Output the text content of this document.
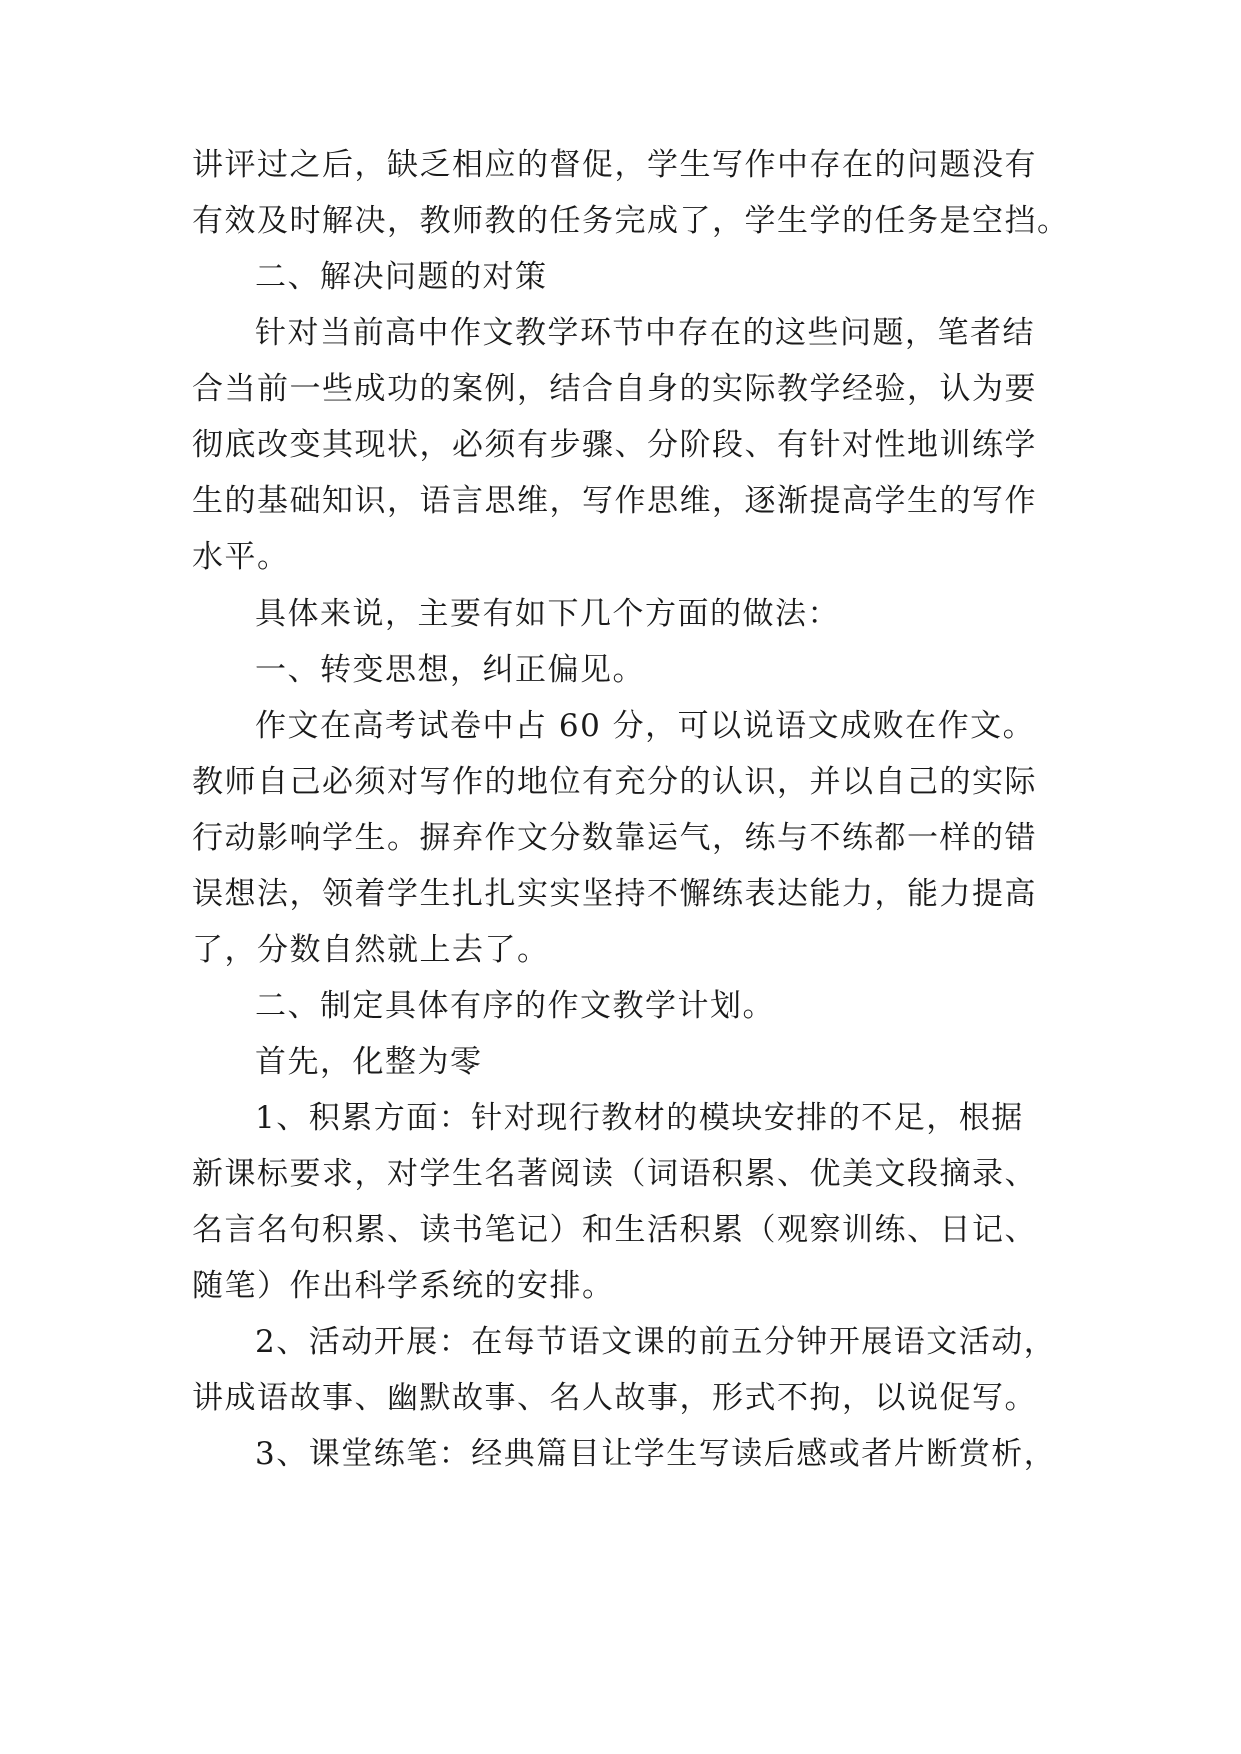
讲评过之后，缺乏相应的督促，学生写作中存在的问题没有

有效及时解决，教师教的任务完成了，学生学的任务是空挡。

二、解决问题的对策

针对当前高中作文教学环节中存在的这些问题，笔者结

合当前一些成功的案例，结合自身的实际教学经验，认为要

彻底改变其现状，必须有步骤、分阶段、有针对性地训练学

生的基础知识，语言思维，写作思维，逐渐提高学生的写作

水平。

具体来说，主要有如下几个方面的做法：

一、转变思想，纠正偏见。

作文在高考试卷中占 60 分，可以说语文成败在作文。

教师自己必须对写作的地位有充分的认识，并以自己的实际

行动影响学生。摒弃作文分数靠运气，练与不练都一样的错

误想法，领着学生扎扎实实坚持不懈练表达能力，能力提高

了，分数自然就上去了。

二、制定具体有序的作文教学计划。

首先，化整为零

1、积累方面：针对现行教材的模块安排的不足，根据

新课标要求，对学生名著阅读（词语积累、优美文段摘录、

名言名句积累、读书笔记）和生活积累（观察训练、日记、

随笔）作出科学系统的安排。

2、活动开展：在每节语文课的前五分钟开展语文活动，

讲成语故事、幽默故事、名人故事，形式不拘，以说促写。

3、课堂练笔：经典篇目让学生写读后感或者片断赏析，
